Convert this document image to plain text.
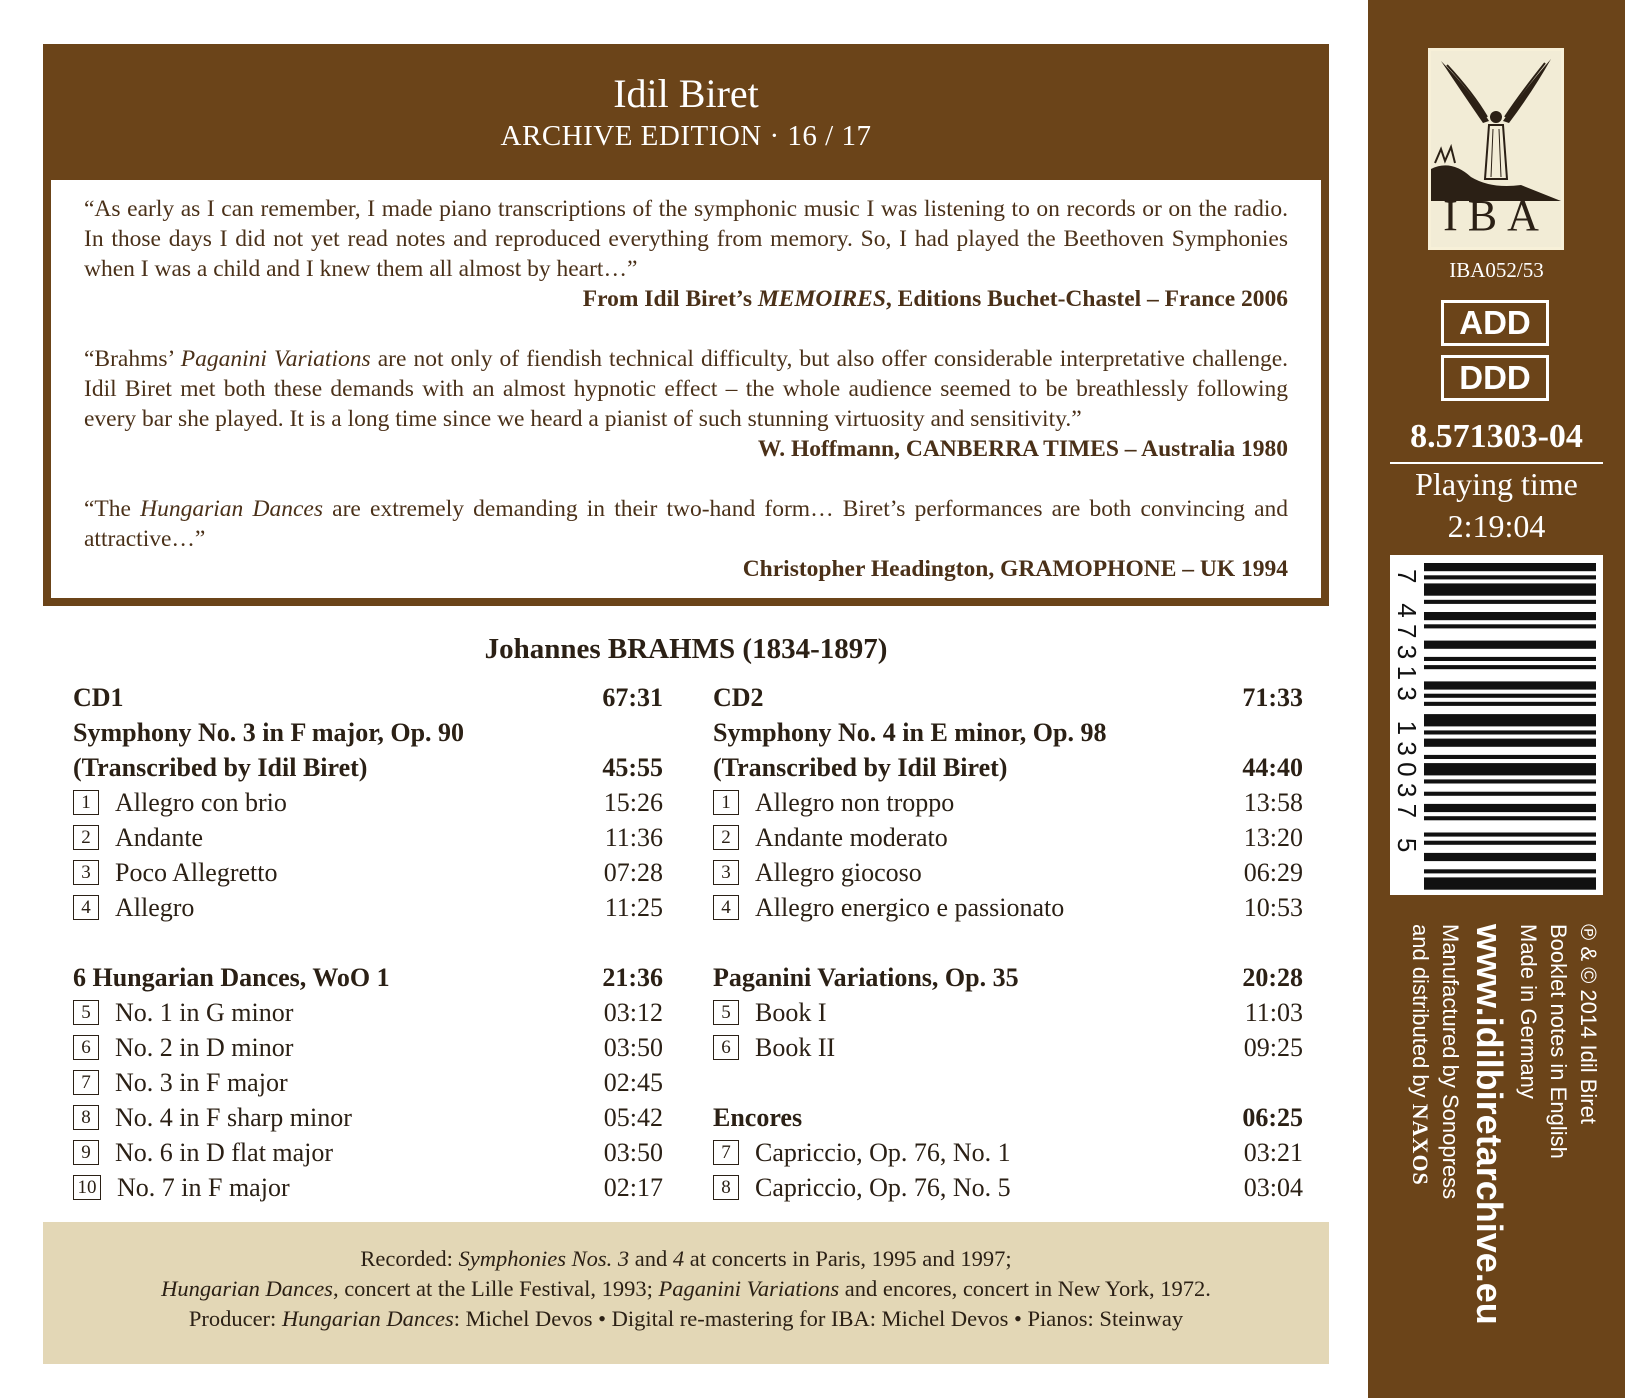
Idil Biret
ARCHIVE EDITION · 16 / 17
“As early as I can remember, I made piano transcriptions of the symphonic music I was listening to on records or on the radio. In those days I did not yet read notes and reproduced everything from memory. So, I had played the Beethoven Symphonies when I was a child and I knew them all almost by heart…”
From Idil Biret’s MEMOIRES, Editions Buchet-Chastel – France 2006
“Brahms’ Paganini Variations are not only of fiendish technical difficulty, but also offer considerable interpretative challenge. Idil Biret met both these demands with an almost hypnotic effect – the whole audience seemed to be breathlessly following every bar she played. It is a long time since we heard a pianist of such stunning virtuosity and sensitivity.”
W. Hoffmann, CANBERRA TIMES – Australia 1980
“The Hungarian Dances are extremely demanding in their two-hand form… Biret’s performances are both convincing and attractive…”
Christopher Headington, GRAMOPHONE – UK 1994
Johannes BRAHMS (1834-1897)
CD1	67:31
Symphony No. 3 in F major, Op. 90
(Transcribed by Idil Biret)	45:55
1 Allegro con brio	15:26
2 Andante	11:36
3 Poco Allegretto	07:28
4 Allegro	11:25
6 Hungarian Dances, WoO 1	21:36
5 No. 1 in G minor	03:12
6 No. 2 in D minor	03:50
7 No. 3 in F major	02:45
8 No. 4 in F sharp minor	05:42
9 No. 6 in D flat major	03:50
10 No. 7 in F major	02:17
CD2	71:33
Symphony No. 4 in E minor, Op. 98
(Transcribed by Idil Biret)	44:40
1 Allegro non troppo	13:58
2 Andante moderato	13:20
3 Allegro giocoso	06:29
4 Allegro energico e passionato	10:53
Paganini Variations, Op. 35	20:28
5 Book I	11:03
6 Book II	09:25
Encores	06:25
7 Capriccio, Op. 76, No. 1	03:21
8 Capriccio, Op. 76, No. 5	03:04
Recorded: Symphonies Nos. 3 and 4 at concerts in Paris, 1995 and 1997;
Hungarian Dances, concert at the Lille Festival, 1993; Paganini Variations and encores, concert in New York, 1972.
Producer: Hungarian Dances: Michel Devos • Digital re-mastering for IBA: Michel Devos • Pianos: Steinway
IBA
IBA052/53
ADD
DDD
8.571303-04
Playing time
2:19:04
7 47313 13037 5
℗ & © 2014 Idil Biret
Booklet notes in English
Made in Germany
www.idilbiretarchive.eu
Manufactured by Sonopress
and distributed by NAXOS
